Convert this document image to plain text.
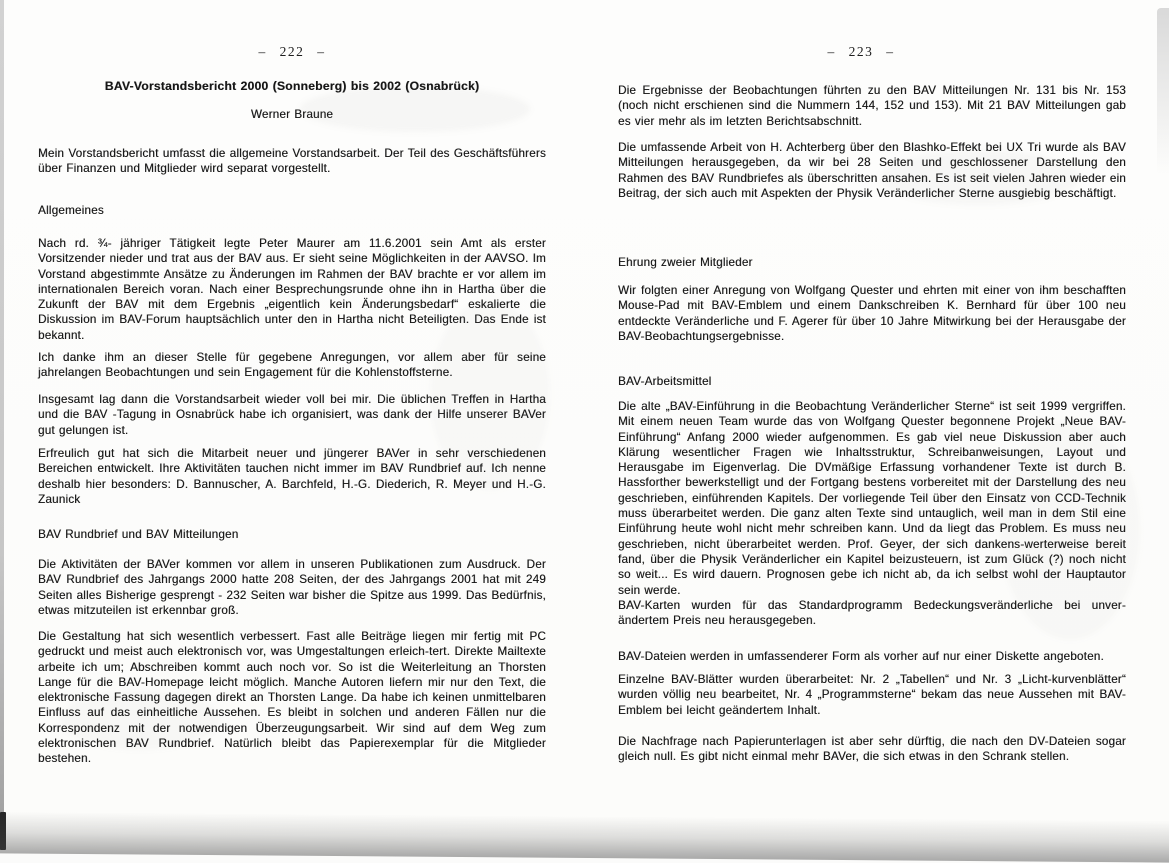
– 222 –
BAV-Vorstandsbericht 2000 (Sonneberg) bis 2002 (Osnabrück)
Werner Braune
Mein Vorstandsbericht umfasst die allgemeine Vorstandsarbeit. Der Teil des Geschäftsführers über Finanzen und Mitglieder wird separat vorgestellt.
Allgemeines
Nach rd. ¾- jähriger Tätigkeit legte Peter Maurer am 11.6.2001 sein Amt als erster Vorsitzender nieder und trat aus der BAV aus. Er sieht seine Möglichkeiten in der AAVSO. Im Vorstand abgestimmte Ansätze zu Änderungen im Rahmen der BAV brachte er vor allem im internationalen Bereich voran. Nach einer Besprechungsrunde ohne ihn in Hartha über die Zukunft der BAV mit dem Ergebnis „eigentlich kein Änderungsbedarf“ eskalierte die Diskussion im BAV-Forum hauptsächlich unter den in Hartha nicht Beteiligten. Das Ende ist bekannt.
Ich danke ihm an dieser Stelle für gegebene Anregungen, vor allem aber für seine jahrelangen Beobachtungen und sein Engagement für die Kohlenstoffsterne.
Insgesamt lag dann die Vorstandsarbeit wieder voll bei mir. Die üblichen Treffen in Hartha und die BAV -Tagung in Osnabrück habe ich organisiert, was dank der Hilfe unserer BAVer gut gelungen ist.
Erfreulich gut hat sich die Mitarbeit neuer und jüngerer BAVer in sehr verschiedenen Bereichen entwickelt. Ihre Aktivitäten tauchen nicht immer im BAV Rundbrief auf. Ich nenne deshalb hier besonders: D. Bannuscher, A. Barchfeld, H.-G. Diederich, R. Meyer und H.-G. Zaunick
BAV Rundbrief und BAV Mitteilungen
Die Aktivitäten der BAVer kommen vor allem in unseren Publikationen zum Ausdruck. Der BAV Rundbrief des Jahrgangs 2000 hatte 208 Seiten, der des Jahrgangs 2001 hat mit 249 Seiten alles Bisherige gesprengt - 232 Seiten war bisher die Spitze aus 1999. Das Bedürfnis, etwas mitzuteilen ist erkennbar groß.
Die Gestaltung hat sich wesentlich verbessert. Fast alle Beiträge liegen mir fertig mit PC gedruckt und meist auch elektronisch vor, was Umgestaltungen erleich-tert. Direkte Mailtexte arbeite ich um; Abschreiben kommt auch noch vor. So ist die Weiterleitung an Thorsten Lange für die BAV-Homepage leicht möglich. Manche Autoren liefern mir nur den Text, die elektronische Fassung dagegen direkt an Thorsten Lange. Da habe ich keinen unmittelbaren Einfluss auf das einheitliche Aussehen. Es bleibt in solchen und anderen Fällen nur die Korrespondenz mit der notwendigen Überzeugungsarbeit. Wir sind auf dem Weg zum elektronischen BAV Rundbrief. Natürlich bleibt das Papierexemplar für die Mitglieder bestehen.
– 223 –
Die Ergebnisse der Beobachtungen führten zu den BAV Mitteilungen Nr. 131 bis Nr. 153 (noch nicht erschienen sind die Nummern 144, 152 und 153). Mit 21 BAV Mitteilungen gab es vier mehr als im letzten Berichtsabschnitt.
Die umfassende Arbeit von H. Achterberg über den Blashko-Effekt bei UX Tri wurde als BAV Mitteilungen herausgegeben, da wir bei 28 Seiten und geschlossener Darstellung den Rahmen des BAV Rundbriefes als überschritten ansahen. Es ist seit vielen Jahren wieder ein Beitrag, der sich auch mit Aspekten der Physik Veränderlicher Sterne ausgiebig beschäftigt.
Ehrung zweier Mitglieder
Wir folgten einer Anregung von Wolfgang Quester und ehrten mit einer von ihm beschafften Mouse-Pad mit BAV-Emblem und einem Dankschreiben K. Bernhard für über 100 neu entdeckte Veränderliche und F. Agerer für über 10 Jahre Mitwirkung bei der Herausgabe der BAV-Beobachtungsergebnisse.
BAV-Arbeitsmittel
Die alte „BAV-Einführung in die Beobachtung Veränderlicher Sterne“ ist seit 1999 vergriffen. Mit einem neuen Team wurde das von Wolfgang Quester begonnene Projekt „Neue BAV-Einführung“ Anfang 2000 wieder aufgenommen. Es gab viel neue Diskussion aber auch Klärung wesentlicher Fragen wie Inhaltsstruktur, Schreibanweisungen, Layout und Herausgabe im Eigenverlag. Die DVmäßige Erfassung vorhandener Texte ist durch B. Hassforther bewerkstelligt und der Fortgang bestens vorbereitet mit der Darstellung des neu geschrieben, einführenden Kapitels. Der vorliegende Teil über den Einsatz von CCD-Technik muss überarbeitet werden. Die ganz alten Texte sind untauglich, weil man in dem Stil eine Einführung heute wohl nicht mehr schreiben kann. Und da liegt das Problem. Es muss neu geschrieben, nicht überarbeitet werden. Prof. Geyer, der sich dankens-werterweise bereit fand, über die Physik Veränderlicher ein Kapitel beizusteuern, ist zum Glück (?) noch nicht so weit... Es wird dauern. Prognosen gebe ich nicht ab, da ich selbst wohl der Hauptautor sein werde.
BAV-Karten wurden für das Standardprogramm Bedeckungsveränderliche bei unver-ändertem Preis neu herausgegeben.
BAV-Dateien werden in umfassenderer Form als vorher auf nur einer Diskette angeboten.
Einzelne BAV-Blätter wurden überarbeitet: Nr. 2 „Tabellen“ und Nr. 3 „Licht-kurvenblätter“ wurden völlig neu bearbeitet, Nr. 4 „Programmsterne“ bekam das neue Aussehen mit BAV-Emblem bei leicht geändertem Inhalt.
Die Nachfrage nach Papierunterlagen ist aber sehr dürftig, die nach den DV-Dateien sogar gleich null. Es gibt nicht einmal mehr BAVer, die sich etwas in den Schrank stellen.
